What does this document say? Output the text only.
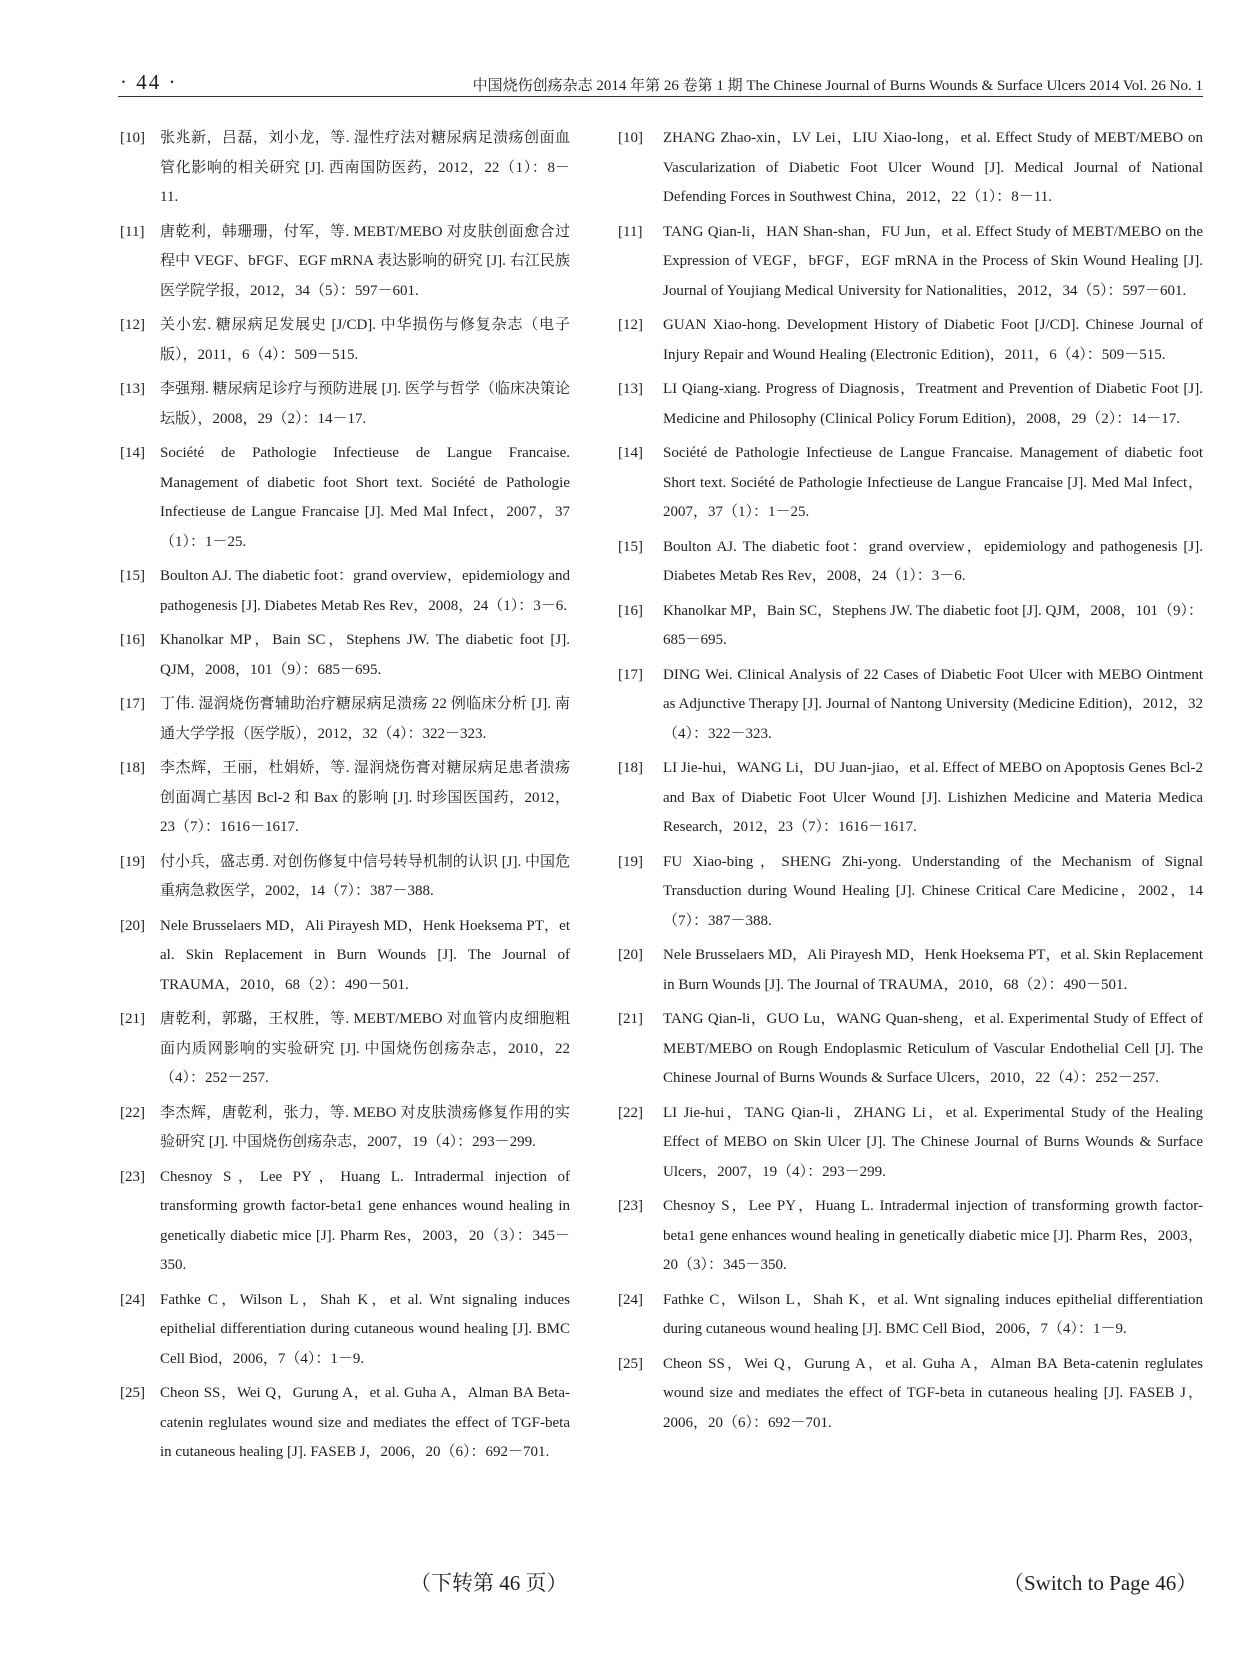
· 44 ·	中国烧伤创疡杂志 2014 年第 26 卷第 1 期 The Chinese Journal of Burns Wounds & Surface Ulcers 2014 Vol. 26 No. 1
[10] 张兆新，吕磊，刘小龙，等. 湿性疗法对糖尿病足溃疡创面血管化影响的相关研究 [J]. 西南国防医药，2012，22（1）：8－11.
[11] 唐乾利，韩珊珊，付军，等. MEBT/MEBO 对皮肤创面愈合过程中 VEGF、bFGF、EGF mRNA 表达影响的研究 [J]. 右江民族医学院学报，2012，34（5）：597－601.
[12] 关小宏. 糖尿病足发展史 [J/CD]. 中华损伤与修复杂志（电子版），2011，6（4）：509－515.
[13] 李强翔. 糖尿病足诊疗与预防进展 [J]. 医学与哲学（临床决策论坛版），2008，29（2）：14－17.
[14] Société de Pathologie Infectieuse de Langue Francaise. Management of diabetic foot Short text. Société de Pathologie Infectieuse de Langue Francaise [J]. Med Mal Infect，2007，37（1）：1－25.
[15] Boulton AJ. The diabetic foot：grand overview，epidemiology and pathogenesis [J]. Diabetes Metab Res Rev，2008，24（1）：3－6.
[16] Khanolkar MP，Bain SC，Stephens JW. The diabetic foot [J]. QJM，2008，101（9）：685－695.
[17] 丁伟. 湿润烧伤膏辅助治疗糖尿病足溃疡 22 例临床分析 [J]. 南通大学学报（医学版），2012，32（4）：322－323.
[18] 李杰辉，王丽，杜娟娇，等. 湿润烧伤膏对糖尿病足患者溃疡创面凋亡基因 Bcl-2 和 Bax 的影响 [J]. 时珍国医国药，2012，23（7）：1616－1617.
[19] 付小兵，盛志勇. 对创伤修复中信号转导机制的认识 [J]. 中国危重病急救医学，2002，14（7）：387－388.
[20] Nele Brusselaers MD，Ali Pirayesh MD，Henk Hoeksema PT，et al. Skin Replacement in Burn Wounds [J]. The Journal of TRAUMA，2010，68（2）：490－501.
[21] 唐乾利，郭璐，王权胜，等. MEBT/MEBO 对血管内皮细胞粗面内质网影响的实验研究 [J]. 中国烧伤创疡杂志，2010，22（4）：252－257.
[22] 李杰辉，唐乾利，张力，等. MEBO 对皮肤溃疡修复作用的实验研究 [J]. 中国烧伤创疡杂志，2007，19（4）：293－299.
[23] Chesnoy S，Lee PY，Huang L. Intradermal injection of transforming growth factor-beta1 gene enhances wound healing in genetically diabetic mice [J]. Pharm Res，2003，20（3）：345－350.
[24] Fathke C，Wilson L，Shah K，et al. Wnt signaling induces epithelial differentiation during cutaneous wound healing [J]. BMC Cell Biod，2006，7（4）：1－9.
[25] Cheon SS，Wei Q，Gurung A，et al. Guha A，Alman BA Beta-catenin reglulates wound size and mediates the effect of TGF-beta in cutaneous healing [J]. FASEB J，2006，20（6）：692－701.
[10] ZHANG Zhao-xin，LV Lei，LIU Xiao-long，et al. Effect Study of MEBT/MEBO on Vascularization of Diabetic Foot Ulcer Wound [J]. Medical Journal of National Defending Forces in Southwest China，2012，22（1）：8－11.
[11] TANG Qian-li，HAN Shan-shan，FU Jun，et al. Effect Study of MEBT/MEBO on the Expression of VEGF，bFGF，EGF mRNA in the Process of Skin Wound Healing [J]. Journal of Youjiang Medical University for Nationalities，2012，34（5）：597－601.
[12] GUAN Xiao-hong. Development History of Diabetic Foot [J/CD]. Chinese Journal of Injury Repair and Wound Healing (Electronic Edition)，2011，6（4）：509－515.
[13] LI Qiang-xiang. Progress of Diagnosis，Treatment and Prevention of Diabetic Foot [J]. Medicine and Philosophy (Clinical Policy Forum Edition)，2008，29（2）：14－17.
[14] Société de Pathologie Infectieuse de Langue Francaise. Management of diabetic foot Short text. Société de Pathologie Infectieuse de Langue Francaise [J]. Med Mal Infect，2007，37（1）：1－25.
[15] Boulton AJ. The diabetic foot：grand overview，epidemiology and pathogenesis [J]. Diabetes Metab Res Rev，2008，24（1）：3－6.
[16] Khanolkar MP，Bain SC，Stephens JW. The diabetic foot [J]. QJM，2008，101（9）：685－695.
[17] DING Wei. Clinical Analysis of 22 Cases of Diabetic Foot Ulcer with MEBO Ointment as Adjunctive Therapy [J]. Journal of Nantong University (Medicine Edition)，2012，32（4）：322－323.
[18] LI Jie-hui，WANG Li，DU Juan-jiao，et al. Effect of MEBO on Apoptosis Genes Bcl-2 and Bax of Diabetic Foot Ulcer Wound [J]. Lishizhen Medicine and Materia Medica Research，2012，23（7）：1616－1617.
[19] FU Xiao-bing，SHENG Zhi-yong. Understanding of the Mechanism of Signal Transduction during Wound Healing [J]. Chinese Critical Care Medicine，2002，14（7）：387－388.
[20] Nele Brusselaers MD，Ali Pirayesh MD，Henk Hoeksema PT，et al. Skin Replacement in Burn Wounds [J]. The Journal of TRAUMA，2010，68（2）：490－501.
[21] TANG Qian-li，GUO Lu，WANG Quan-sheng，et al. Experimental Study of Effect of MEBT/MEBO on Rough Endoplasmic Reticulum of Vascular Endothelial Cell [J]. The Chinese Journal of Burns Wounds & Surface Ulcers，2010，22（4）：252－257.
[22] LI Jie-hui，TANG Qian-li，ZHANG Li，et al. Experimental Study of the Healing Effect of MEBO on Skin Ulcer [J]. The Chinese Journal of Burns Wounds & Surface Ulcers，2007，19（4）：293－299.
[23] Chesnoy S，Lee PY，Huang L. Intradermal injection of transforming growth factor-beta1 gene enhances wound healing in genetically diabetic mice [J]. Pharm Res，2003，20（3）：345－350.
[24] Fathke C，Wilson L，Shah K，et al. Wnt signaling induces epithelial differentiation during cutaneous wound healing [J]. BMC Cell Biod，2006，7（4）：1－9.
[25] Cheon SS，Wei Q，Gurung A，et al. Guha A，Alman BA Beta-catenin reglulates wound size and mediates the effect of TGF-beta in cutaneous healing [J]. FASEB J，2006，20（6）：692－701.
（下转第 46 页）	（Switch to Page 46）
